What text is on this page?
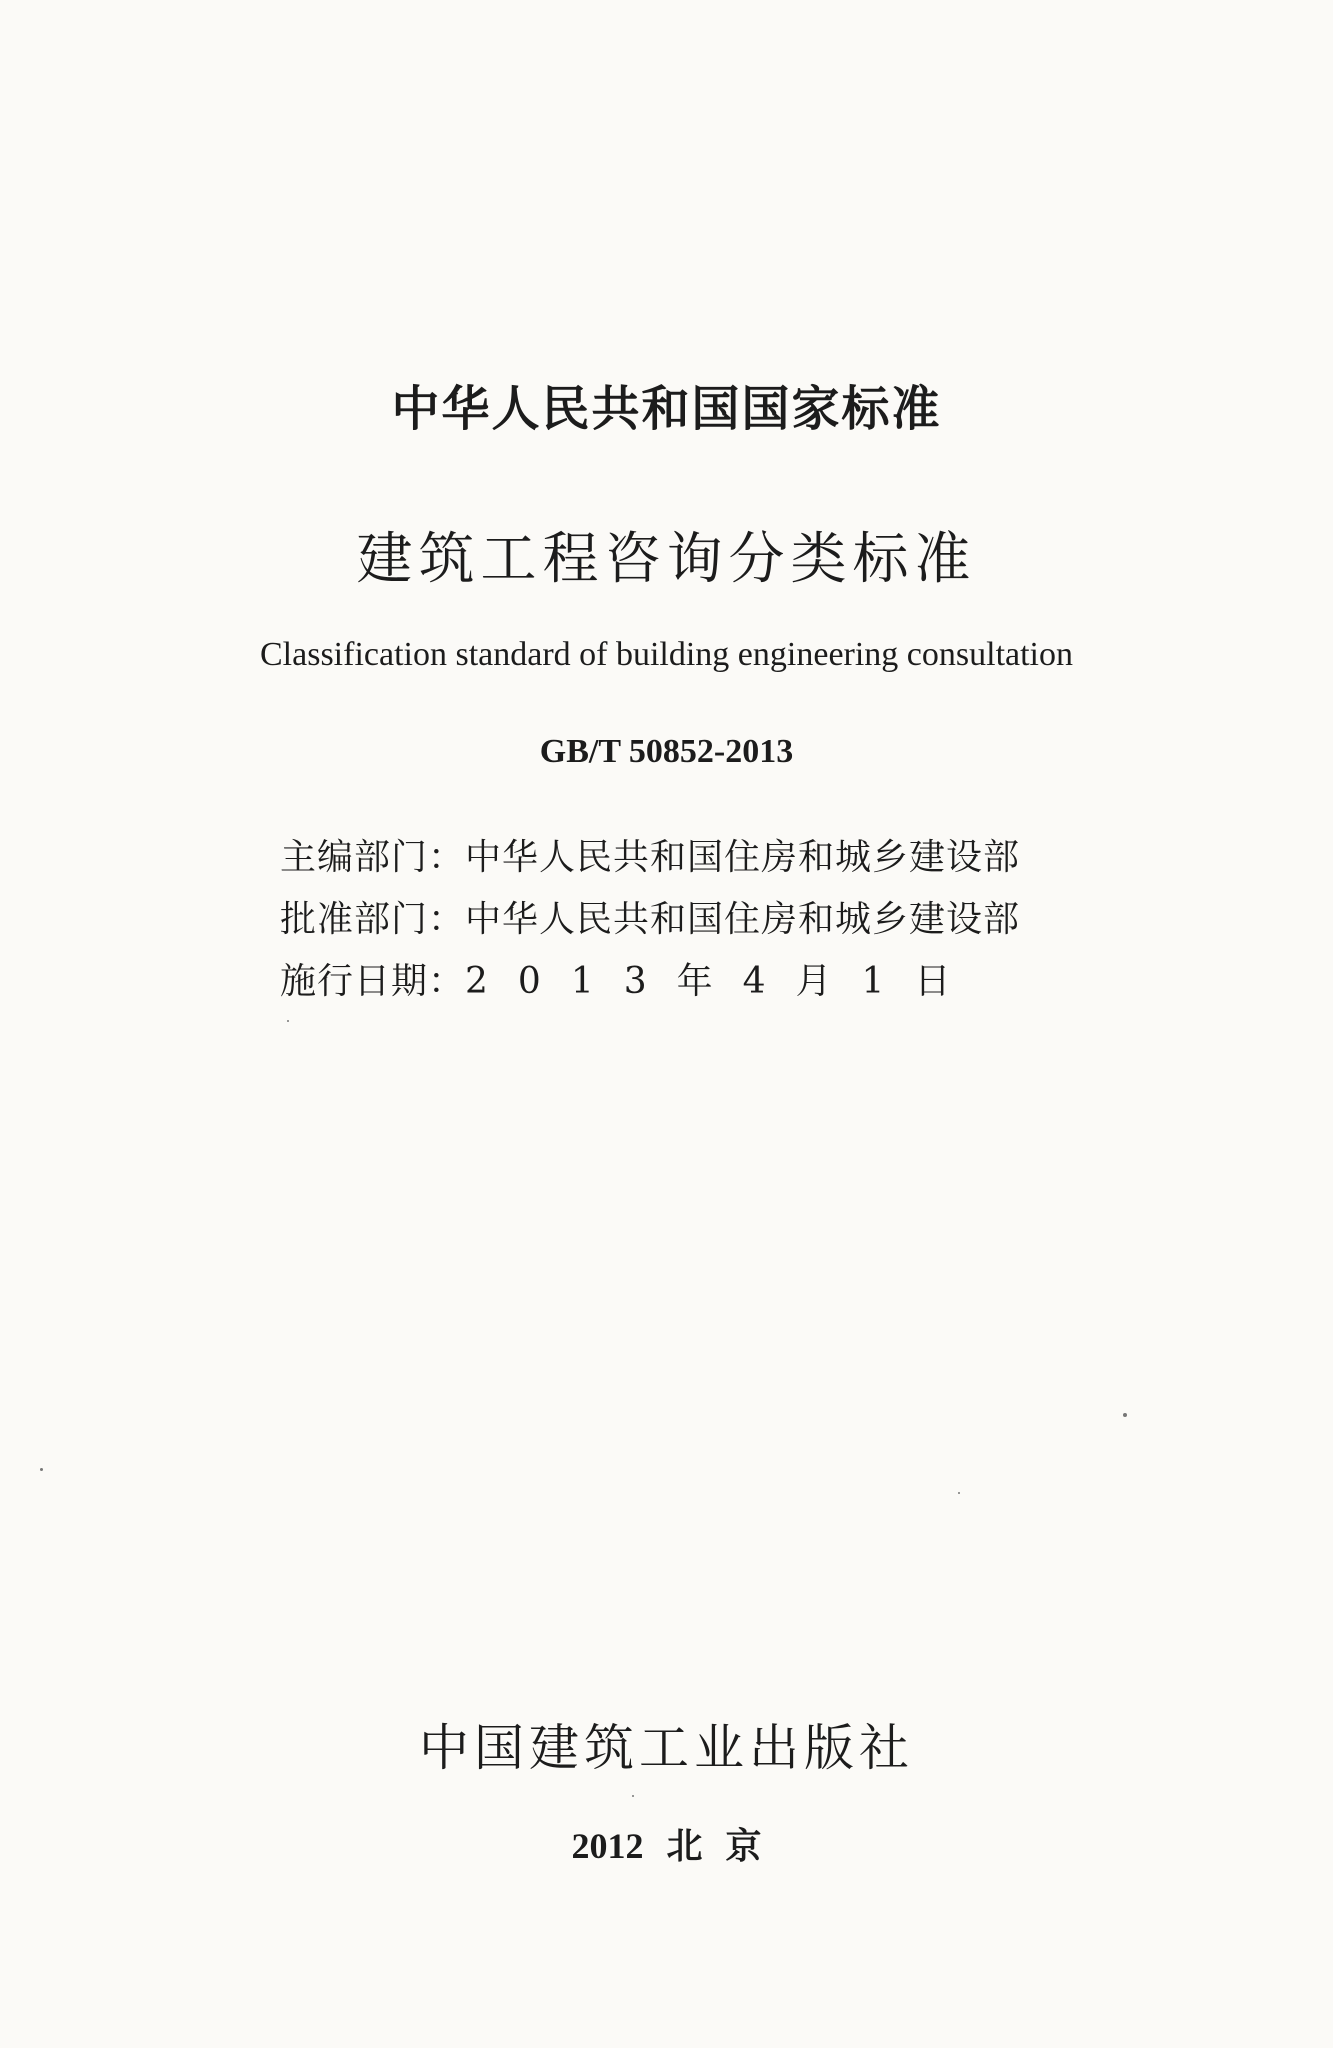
中华人民共和国国家标准
建筑工程咨询分类标准
Classification standard of building engineering consultation
GB/T 50852-2013
主编部门：中华人民共和国住房和城乡建设部
批准部门：中华人民共和国住房和城乡建设部
施行日期：2013年4月1日
中国建筑工业出版社
2012 北 京
